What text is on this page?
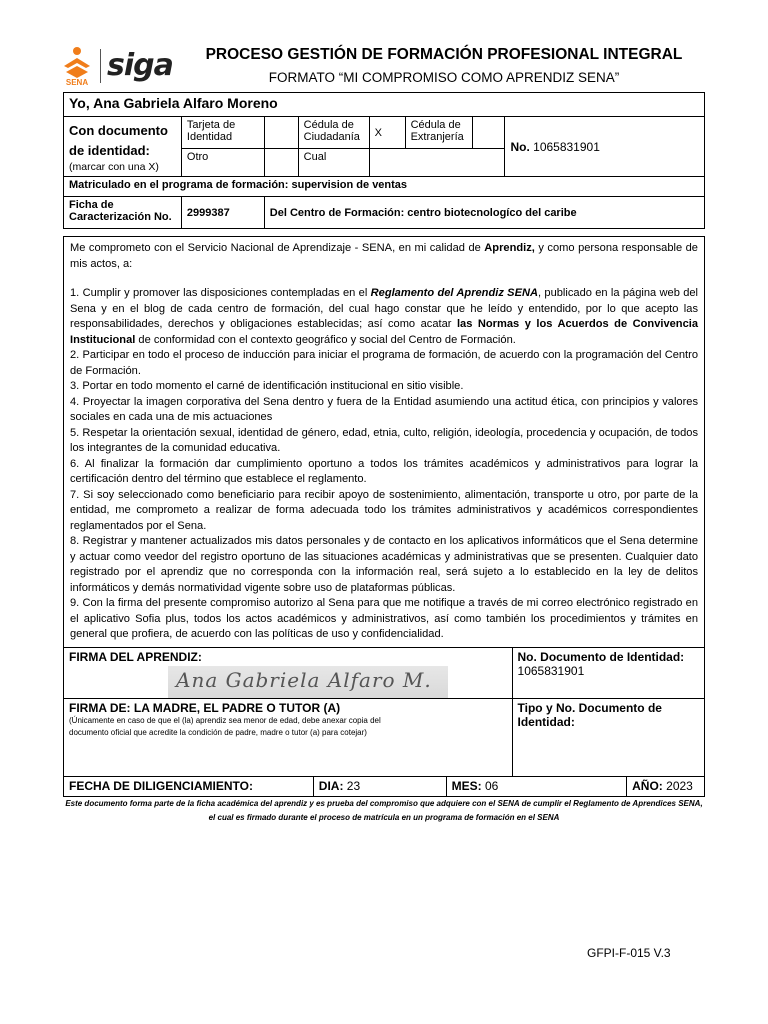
SENA siga	PROCESO GESTIÓN DE FORMACIÓN PROFESIONAL INTEGRAL
FORMATO “MI COMPROMISO COMO APRENDIZ SENA”
Yo, Ana Gabriela Alfaro Moreno							

Con documento de identidad:
(marcar con una X)	Tarjeta de Identidad		Cédula de Ciudadanía	X	Cédula de Extranjería		No. 1065831901
	Otro		Cual				
Matriculado en el programa de formación: supervision de ventas							
Ficha de Caracterización No.	2999387	Del Centro de Formación: centro biotecnologíco del caribe					

Me comprometo con el Servicio Nacional de Aprendizaje - SENA, en mi calidad de Aprendiz, y como persona responsable de mis actos, a:

1. Cumplir y promover las disposiciones contempladas en el Reglamento del Aprendiz SENA, publicado en la página web del Sena y en el blog de cada centro de formación, del cual hago constar que he leído y entendido, por lo que acepto las responsabilidades, derechos y obligaciones establecidas; así como acatar las Normas y los Acuerdos de Convivencia Institucional de conformidad con el contexto geográfico y social del Centro de Formación.

2. Participar en todo el proceso de inducción para iniciar el programa de formación, de acuerdo con la programación del Centro de Formación.

3. Portar en todo momento el carné de identificación institucional en sitio visible.

4. Proyectar la imagen corporativa del Sena dentro y fuera de la Entidad asumiendo una actitud ética, con principios y valores sociales en cada una de mis actuaciones

5. Respetar la orientación sexual, identidad de género, edad, etnia, culto, religión, ideología, procedencia y ocupación, de todos los integrantes de la comunidad educativa.

6. Al finalizar la formación dar cumplimiento oportuno a todos los trámites académicos y administrativos para lograr la certificación dentro del término que establece el reglamento.

7. Si soy seleccionado como beneficiario para recibir apoyo de sostenimiento, alimentación, transporte u otro, por parte de la entidad, me comprometo a realizar de forma adecuada todo los trámites administrativos y académicos correspondientes reglamentados por el Sena.

8. Registrar y mantener actualizados mis datos personales y de contacto en los aplicativos informáticos que el Sena determine y actuar como veedor del registro oportuno de las situaciones académicas y administrativas que se presenten. Cualquier dato registrado por el aprendiz que no corresponda con la información real, será sujeto a lo establecido en la ley de delitos informáticos y demás normatividad vigente sobre uso de plataformas públicas.

9. Con la firma del presente compromiso autorizo al Sena para que me notifique a través de mi correo electrónico registrado en el aplicativo Sofia plus, todos los actos académicos y administrativos, así como también los procedimientos y trámites en general que profiera, de acuerdo con las políticas de uso y confidencialidad.

FIRMA DEL APRENDIZ:			No. Documento de Identidad:
1065831901	

FIRMA DE: LA MADRE, EL PADRE O TUTOR (A)
(Únicamente en caso de que el (la) aprendiz sea menor de edad, debe anexar copia del documento oficial que acredite la condición de padre, madre o tutor (a) para cotejar)			Tipo y No. Documento de Identidad:	
FECHA DE DILIGENCIAMIENTO:	DIA: 23	MES: 06		AÑO: 2023
Ana Gabriela Alfaro M.
Este documento forma parte de la ficha académica del aprendiz y es prueba del compromiso que adquiere con el SENA de cumplir el Reglamento de Aprendices SENA, el cual es firmado durante el proceso de matrícula en un programa de formación en el SENA
GFPI-F-015 V.3
